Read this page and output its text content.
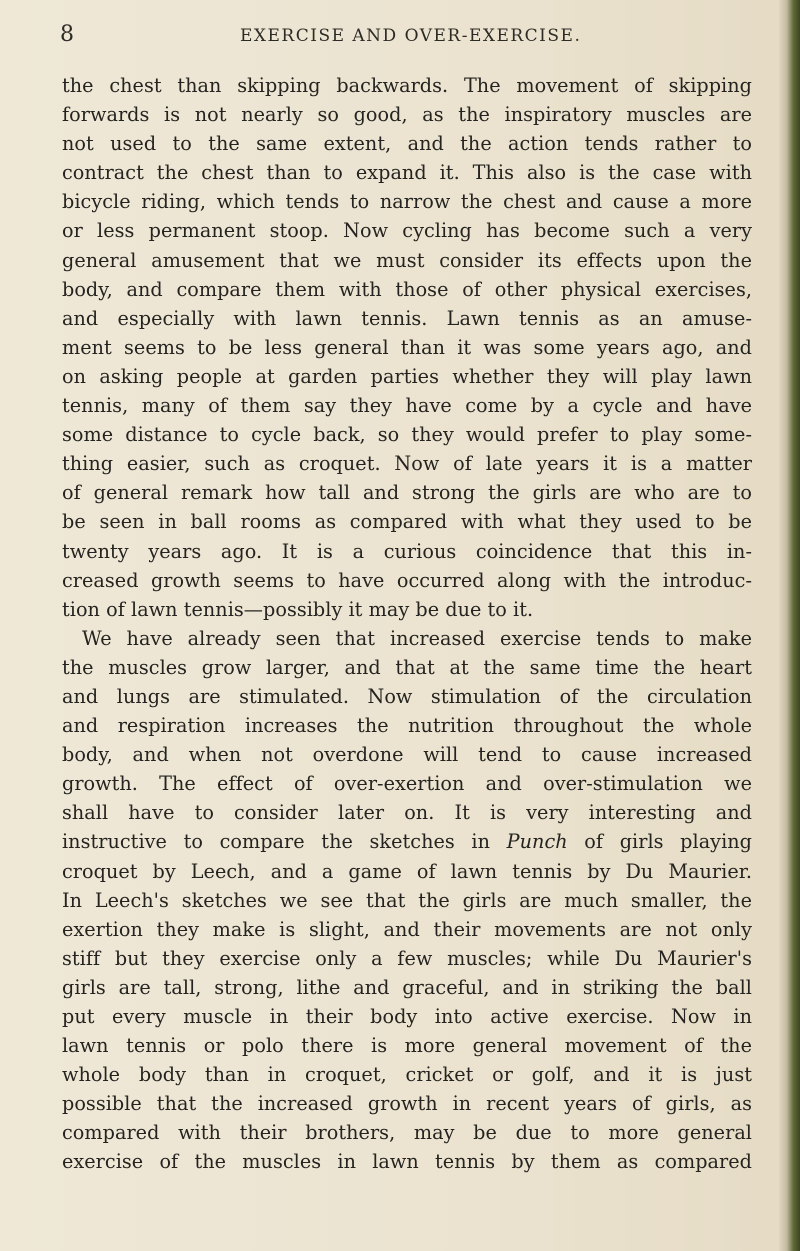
8	EXERCISE AND OVER-EXERCISE.
the chest than skipping backwards. The movement of skipping
forwards is not nearly so good, as the inspiratory muscles are
not used to the same extent, and the action tends rather to
contract the chest than to expand it. This also is the case with
bicycle riding, which tends to narrow the chest and cause a more
or less permanent stoop. Now cycling has become such a very
general amusement that we must consider its effects upon the
body, and compare them with those of other physical exercises,
and especially with lawn tennis. Lawn tennis as an amuse-
ment seems to be less general than it was some years ago, and
on asking people at garden parties whether they will play lawn
tennis, many of them say they have come by a cycle and have
some distance to cycle back, so they would prefer to play some-
thing easier, such as croquet. Now of late years it is a matter
of general remark how tall and strong the girls are who are to
be seen in ball rooms as compared with what they used to be
twenty years ago. It is a curious coincidence that this in-
creased growth seems to have occurred along with the introduc-
tion of lawn tennis—possibly it may be due to it.
We have already seen that increased exercise tends to make
the muscles grow larger, and that at the same time the heart
and lungs are stimulated. Now stimulation of the circulation
and respiration increases the nutrition throughout the whole
body, and when not overdone will tend to cause increased
growth. The effect of over-exertion and over-stimulation we
shall have to consider later on. It is very interesting and
instructive to compare the sketches in Punch of girls playing
croquet by Leech, and a game of lawn tennis by Du Maurier.
In Leech's sketches we see that the girls are much smaller, the
exertion they make is slight, and their movements are not only
stiff but they exercise only a few muscles; while Du Maurier's
girls are tall, strong, lithe and graceful, and in striking the ball
put every muscle in their body into active exercise. Now in
lawn tennis or polo there is more general movement of the
whole body than in croquet, cricket or golf, and it is just
possible that the increased growth in recent years of girls, as
compared with their brothers, may be due to more general
exercise of the muscles in lawn tennis by them as compared
